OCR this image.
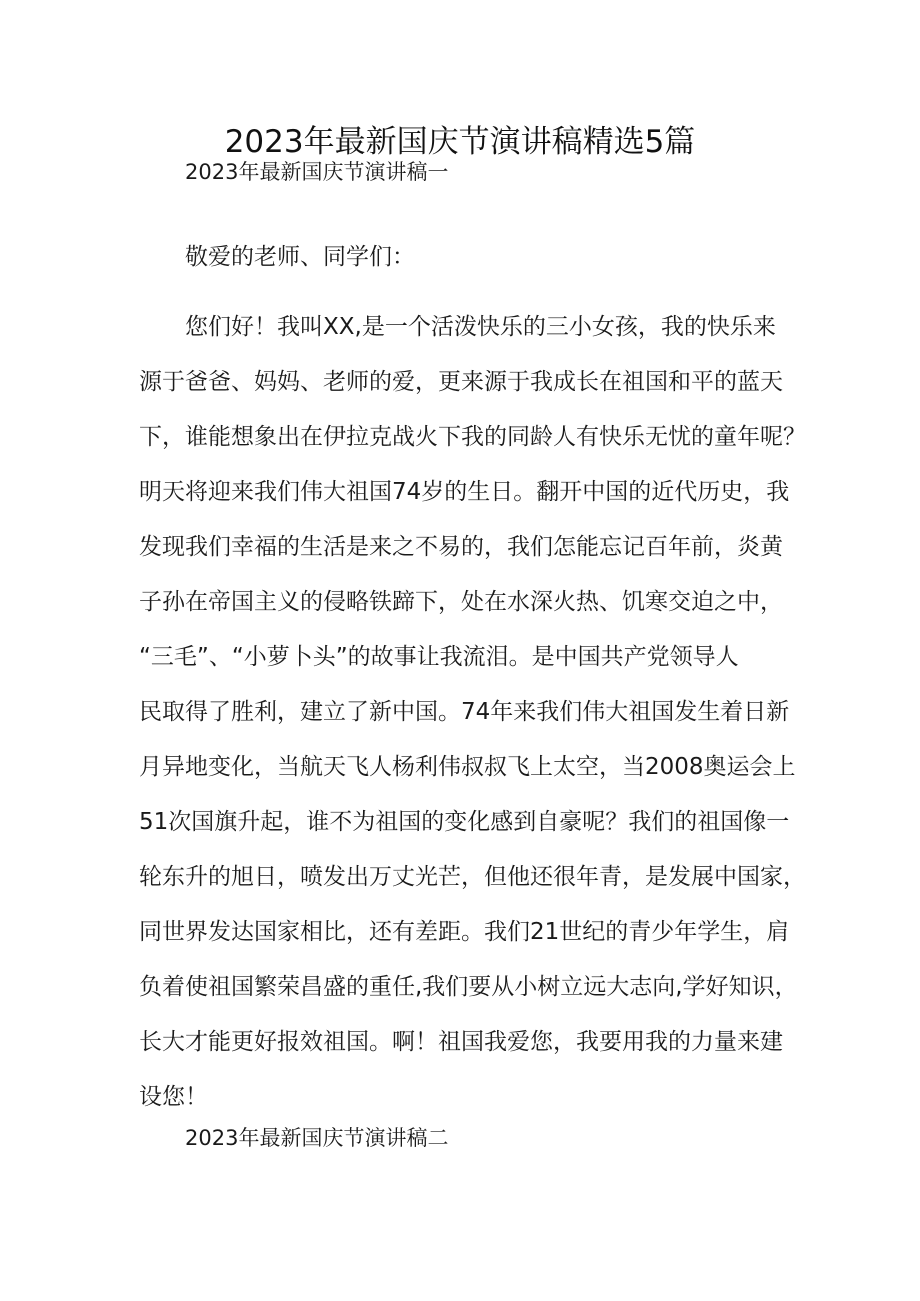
2023年最新国庆节演讲稿精选5篇
2023年最新国庆节演讲稿一
敬爱的老师、同学们：
您们好！我叫XX,是一个活泼快乐的三小女孩，我的快乐来
源于爸爸、妈妈、老师的爱，更来源于我成长在祖国和平的蓝天
下，谁能想象出在伊拉克战火下我的同龄人有快乐无忧的童年呢？
明天将迎来我们伟大祖国74岁的生日。翻开中国的近代历史，我
发现我们幸福的生活是来之不易的，我们怎能忘记百年前，炎黄
子孙在帝国主义的侵略铁蹄下，处在水深火热、饥寒交迫之中，
“三毛”、“小萝卜头”的故事让我流泪。是中国共产党领导人
民取得了胜利，建立了新中国。74年来我们伟大祖国发生着日新
月异地变化，当航天飞人杨利伟叔叔飞上太空，当2008奥运会上
51次国旗升起，谁不为祖国的变化感到自豪呢？我们的祖国像一
轮东升的旭日，喷发出万丈光芒，但他还很年青，是发展中国家，
同世界发达国家相比，还有差距。我们21世纪的青少年学生，肩
负着使祖国繁荣昌盛的重任,我们要从小树立远大志向,学好知识，
长大才能更好报效祖国。啊！祖国我爱您，我要用我的力量来建
设您！
2023年最新国庆节演讲稿二
